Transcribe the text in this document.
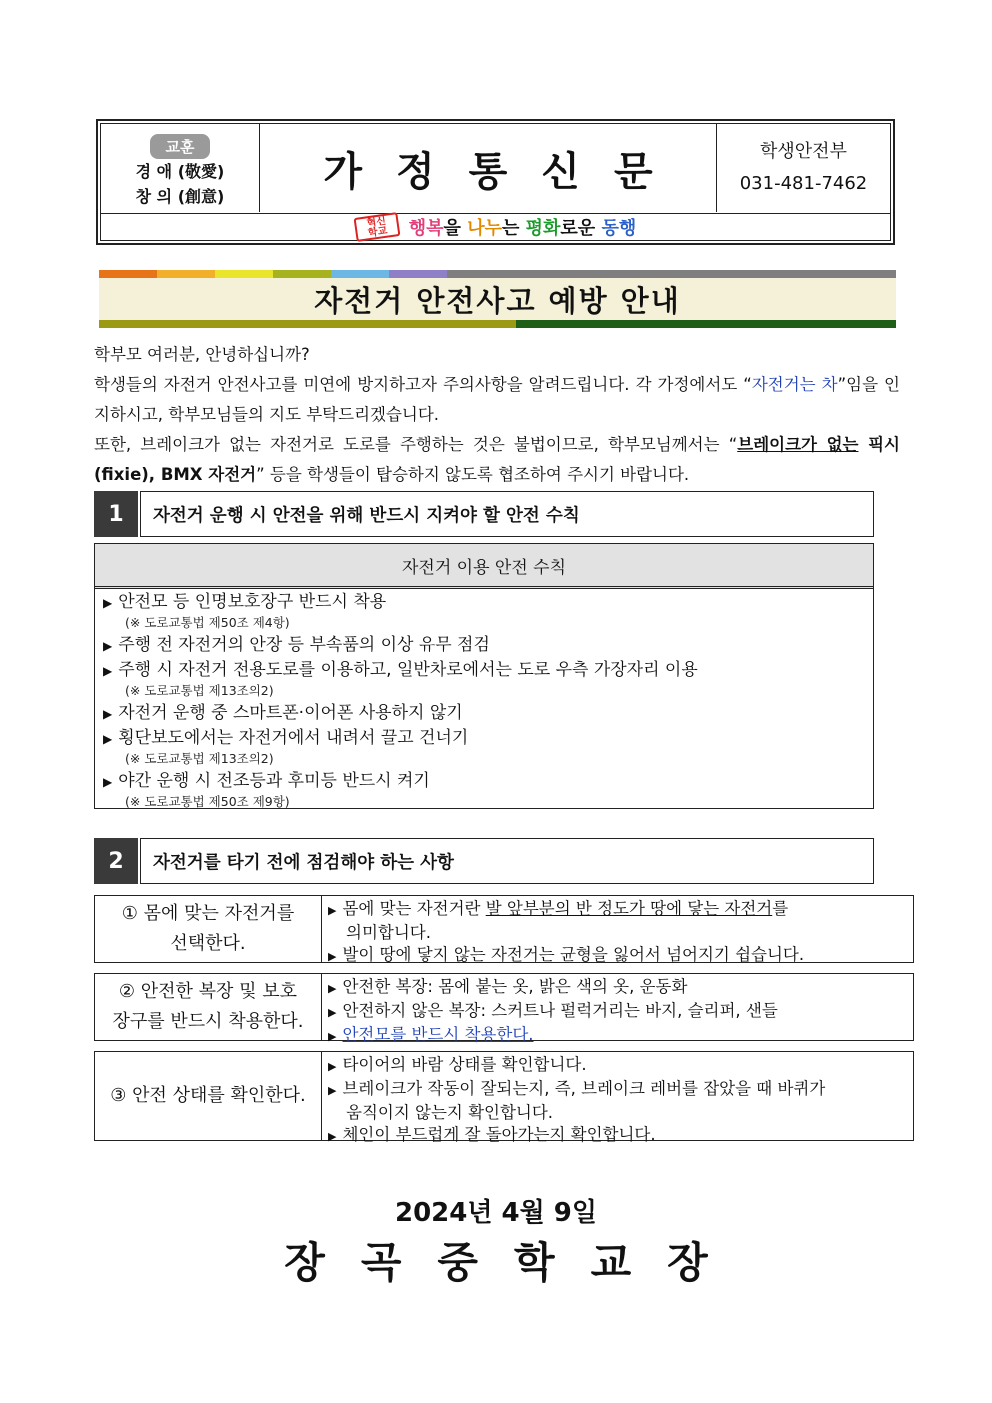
교훈
경 애 (敬愛)
창 의 (創意)
가정통신문	학생안전부
031-481-7462
혁신
학교	행복을 나누는 평화로운 동행
자전거 안전사고 예방 안내
학부모 여러분, 안녕하십니까?
학생들의 자전거 안전사고를 미연에 방지하고자 주의사항을 알려드립니다. 각 가정에서도 “자전거는 차”임을 인지하시고, 학부모님들의 지도 부탁드리겠습니다.
또한, 브레이크가 없는 자전거로 도로를 주행하는 것은 불법이므로, 학부모님께서는 “브레이크가 없는 픽시(fixie), BMX 자전거” 등을 학생들이 탑승하지 않도록 협조하여 주시기 바랍니다.
1	자전거 운행 시 안전을 위해 반드시 지켜야 할 안전 수칙
자전거 이용 안전 수칙
▶ 안전모 등 인명보호장구 반드시 착용
(※ 도로교통법 제50조 제4항)
▶ 주행 전 자전거의 안장 등 부속품의 이상 유무 점검
▶ 주행 시 자전거 전용도로를 이용하고, 일반차로에서는 도로 우측 가장자리 이용
(※ 도로교통법 제13조의2)
▶ 자전거 운행 중 스마트폰·이어폰 사용하지 않기
▶ 횡단보도에서는 자전거에서 내려서 끌고 건너기
(※ 도로교통법 제13조의2)
▶ 야간 운행 시 전조등과 후미등 반드시 켜기
(※ 도로교통법 제50조 제9항)
2	자전거를 타기 전에 점검해야 하는 사항
① 몸에 맞는 자전거를
선택한다.
▶ 몸에 맞는 자전거란 발 앞부분의 반 정도가 땅에 닿는 자전거를
의미합니다.
▶ 발이 땅에 닿지 않는 자전거는 균형을 잃어서 넘어지기 쉽습니다.
② 안전한 복장 및 보호
장구를 반드시 착용한다.
▶ 안전한 복장: 몸에 붙는 옷, 밝은 색의 옷, 운동화
▶ 안전하지 않은 복장: 스커트나 펄럭거리는 바지, 슬리퍼, 샌들
▶ 안전모를 반드시 착용한다.
③ 안전 상태를 확인한다.
▶ 타이어의 바람 상태를 확인합니다.
▶ 브레이크가 작동이 잘되는지, 즉, 브레이크 레버를 잡았을 때 바퀴가
움직이지 않는지 확인합니다.
▶ 체인이 부드럽게 잘 돌아가는지 확인합니다.
2024년 4월 9일
장곡중학교장
